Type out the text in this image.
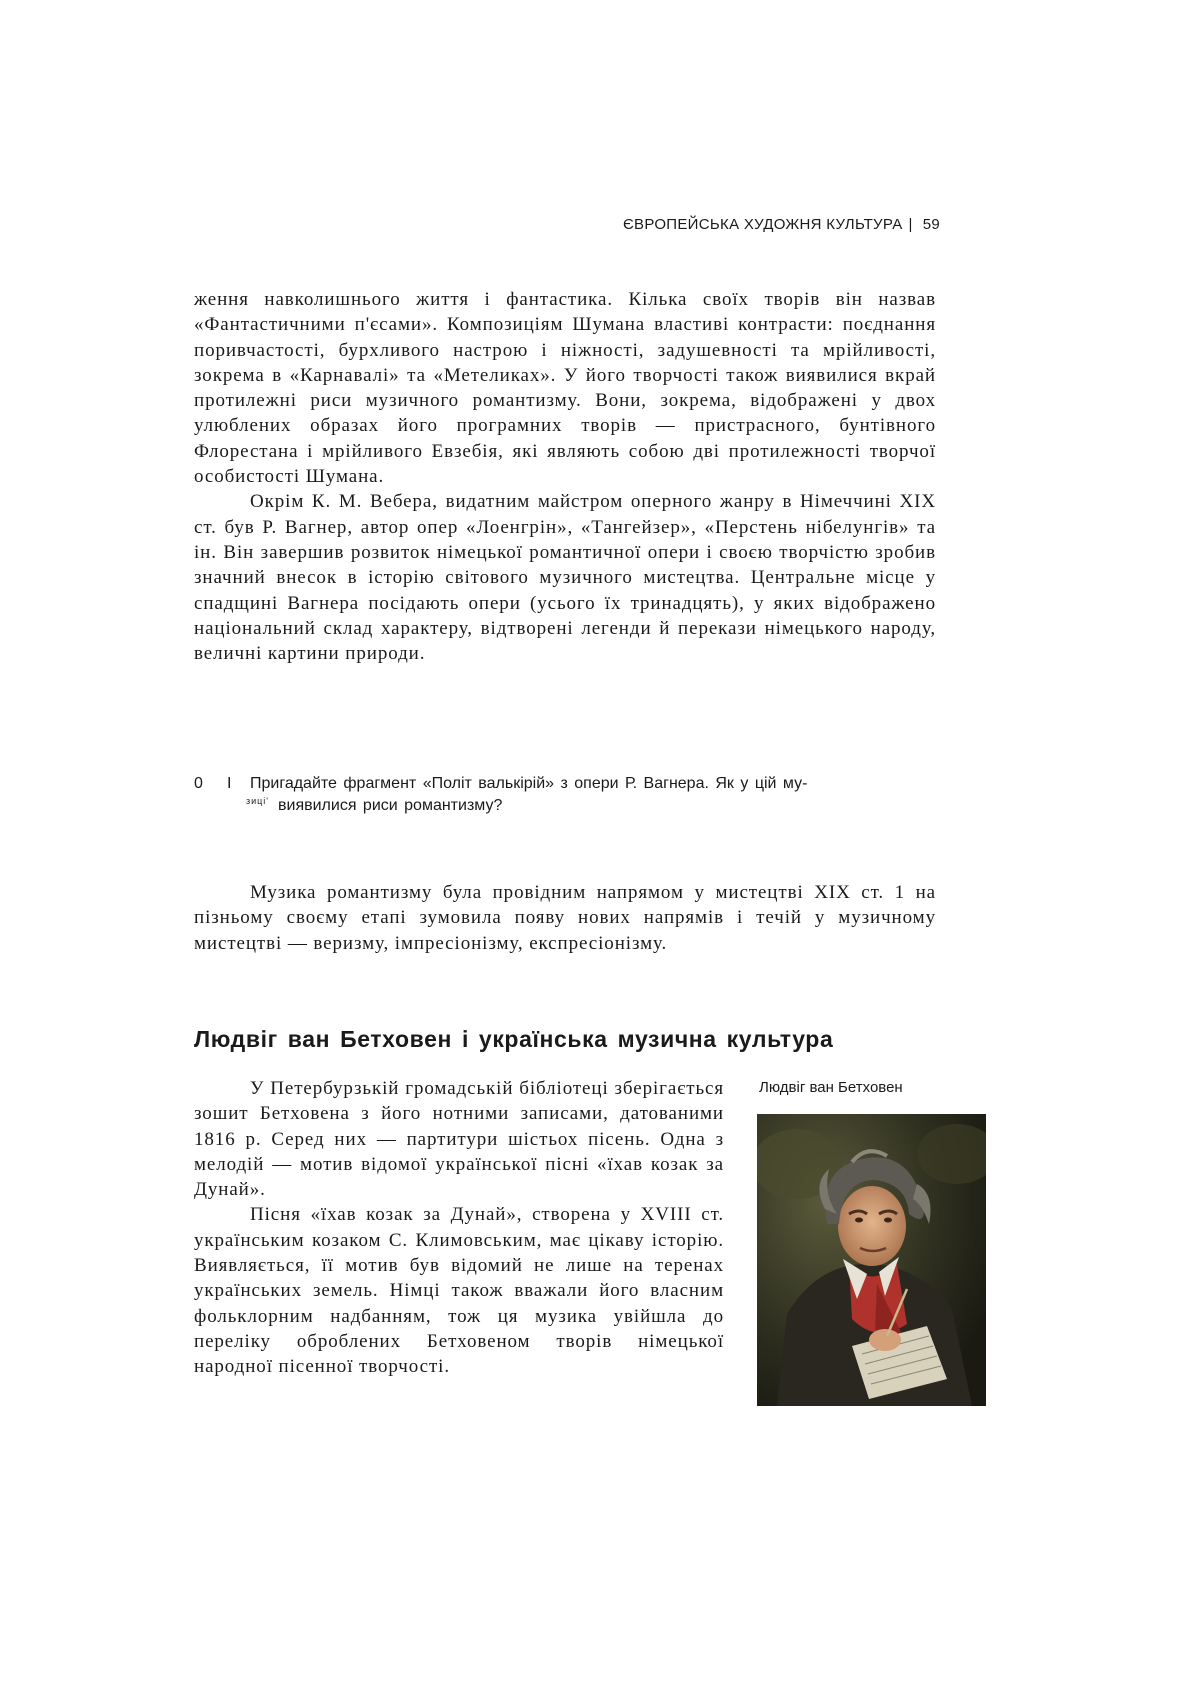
ЄВРОПЕЙСЬКА ХУДОЖНЯ КУЛЬТУРА | 59

ження навколишнього життя і фантастика. Кілька своїх творів він назвав «Фантастичними п'єсами». Композиціям Шумана властиві контрасти: поєднання поривчастості, бурхливого настрою і ніжності, задушевності та мрійливості, зокрема в «Карнавалі» та «Метеликах». У його творчості також виявилися вкрай протилежні риси музичного романтизму. Вони, зокрема, відображені у двох улюблених образах його програмних творів — пристрасного, бунтівного Флорестана і мрійливого Евзебія, які являють собою дві протилежності творчої особистості Шумана.

Окрім К. М. Вебера, видатним майстром оперного жанру в Німеччині XIX ст. був Р. Вагнер, автор опер «Лоенгрін», «Тангейзер», «Перстень нібелунгів» та ін. Він завершив розвиток німецької романтичної опери і своєю творчістю зробив значний внесок в історію світового музичного мистецтва. Центральне місце у спадщині Вагнера посідають опери (усього їх тринадцять), у яких відображено національний склад характеру, відтворені легенди й перекази німецького народу, величні картини природи.

0 I Пригадайте фрагмент «Політ валькірій» з опери Р. Вагнера. Як у цій му-
зиці' виявилися риси романтизму?

Музика романтизму була провідним напрямом у мистецтві XIX ст. 1 на пізньому своєму етапі зумовила появу нових напрямів і течій у музичному мистецтві — веризму, імпресіонізму, експресіонізму.

Людвіг ван Бетховен і українська музична культура

У Петербурзькій громадській бібліотеці зберігається зошит Бетховена з його нотними записами, датованими 1816 р. Серед них — партитури шістьох пісень. Одна з мелодій — мотив відомої української пісні «їхав козак за Дунай».

Пісня «їхав козак за Дунай», створена у XVIII ст. українським козаком С. Климовським, має цікаву історію. Виявляється, її мотив був відомий не лише на теренах українських земель. Німці також вважали його власним фольклорним надбанням, тож ця музика увійшла до переліку оброблених Бетховеном творів німецької народної пісенної творчості.

Людвіг ван Бетховен
